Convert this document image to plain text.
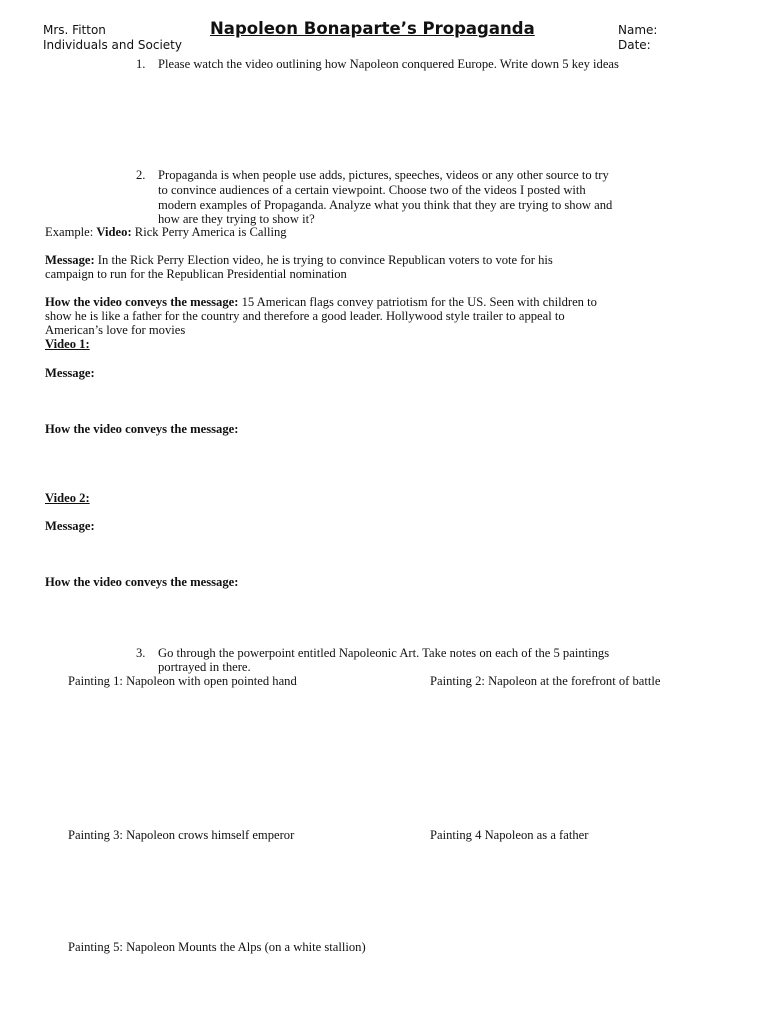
Mrs. Fitton
Individuals and Society
Napoleon Bonaparte’s Propaganda	Name:
Date:
1. Please watch the video outlining how Napoleon conquered Europe. Write down 5 key ideas
2. Propaganda is when people use adds, pictures, speeches, videos or any other source to try
to convince audiences of a certain viewpoint. Choose two of the videos I posted with
modern examples of Propaganda. Analyze what you think that they are trying to show and
how are they trying to show it?
Example: Video: Rick Perry America is Calling
Message: In the Rick Perry Election video, he is trying to convince Republican voters to vote for his
campaign to run for the Republican Presidential nomination
How the video conveys the message: 15 American flags convey patriotism for the US. Seen with children to
show he is like a father for the country and therefore a good leader. Hollywood style trailer to appeal to
American’s love for movies
Video 1:
Message:
How the video conveys the message:
Video 2:
Message:
How the video conveys the message:
3. Go through the powerpoint entitled Napoleonic Art. Take notes on each of the 5 paintings
portrayed in there.
Painting 1: Napoleon with open pointed hand	Painting 2: Napoleon at the forefront of battle
Painting 3: Napoleon crows himself emperor	Painting 4 Napoleon as a father
Painting 5: Napoleon Mounts the Alps (on a white stallion)
